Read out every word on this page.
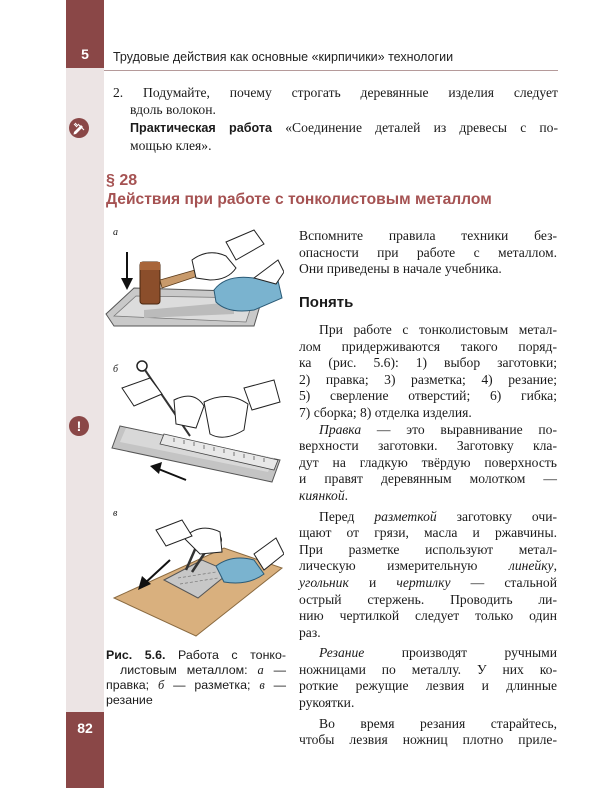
5
82
Трудовые действия как основные «кирпичики» технологии
!
2. Подумайте, почему строгать деревянные изделия следует
вдоль волокон.
Практическая работа «Соединение деталей из древесы с по-
мощью клея».
§ 28
Действия при работе с тонколистовым металлом
а
б
в
Рис. 5.6. Работа с тонко-
листовым металлом: а —
правка; б — разметка; в —
резание

Вспомните правила техники без-

опасности при работе с металлом.

Они приведены в начале учебника.

Понять

При работе с тонколистовым метал-

лом придерживаются такого поряд-

ка (рис. 5.6): 1) выбор заготовки;

2) правка; 3) разметка; 4) резание;

5) сверление отверстий; 6) гибка;

7) сборка; 8) отделка изделия.

Правка — это выравнивание по-

верхности заготовки. Заготовку кла-

дут на гладкую твёрдую поверхность

и правят деревянным молотком —

киянкой.

Перед разметкой заготовку очи-

щают от грязи, масла и ржавчины.

При разметке используют метал-

лическую измерительную линейку,

угольник и чертилку — стальной

острый стержень. Проводить ли-

нию чертилкой следует только один

раз.

Резание производят ручными

ножницами по металлу. У них ко-

роткие режущие лезвия и длинные

рукоятки.

Во время резания старайтесь,

чтобы лезвия ножниц плотно приле-
